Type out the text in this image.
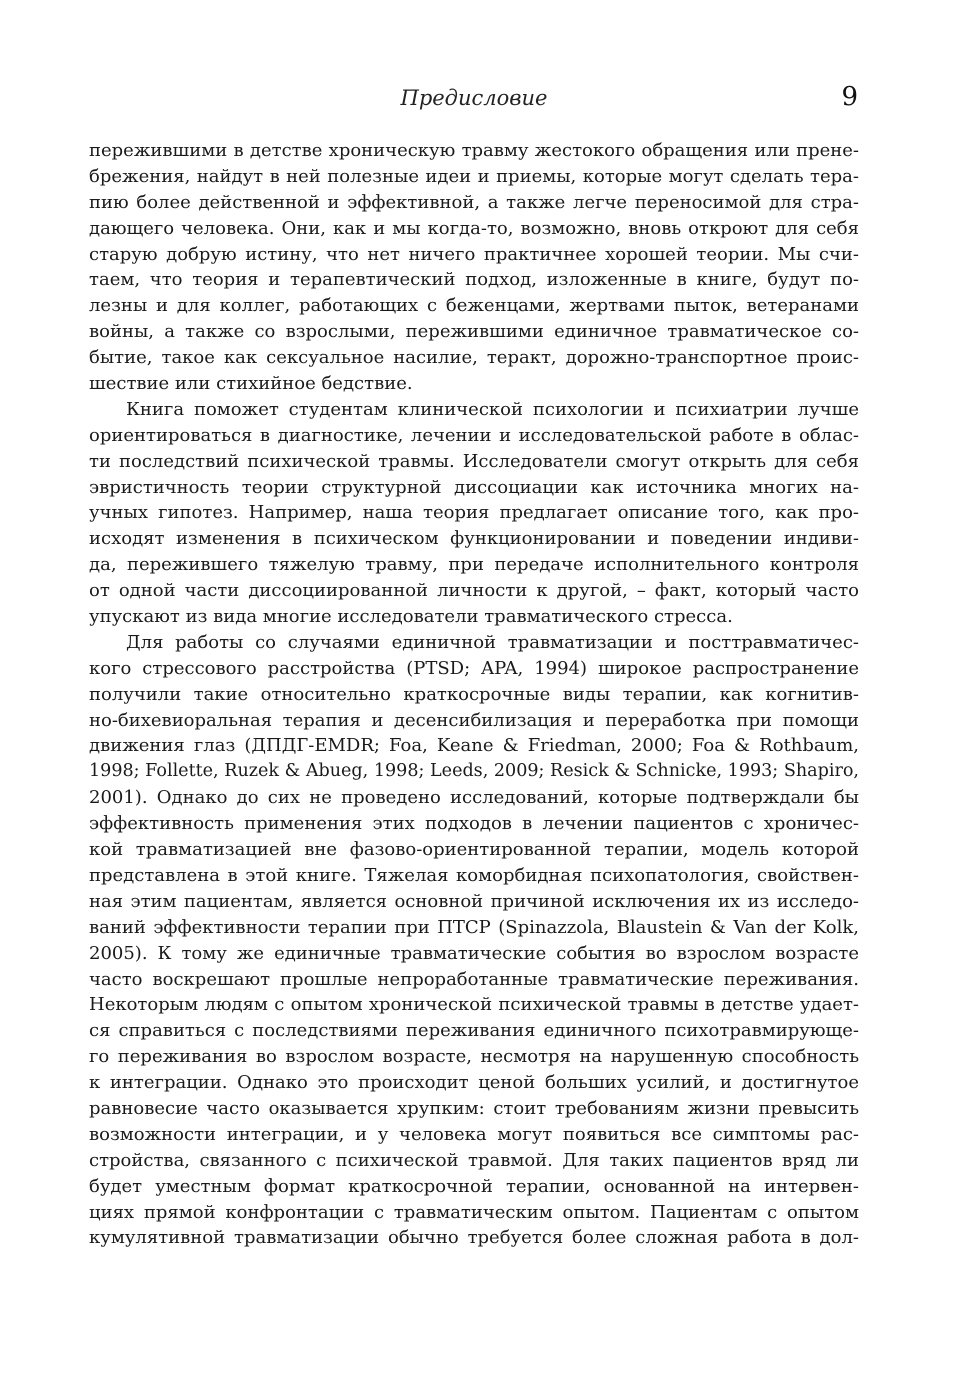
Предисловие	9
пережившими в детстве хроническую травму жестокого обращения или прене-
брежения, найдут в ней полезные идеи и приемы, которые могут сделать тера-
пию более действенной и эффективной, а также легче переносимой для стра-
дающего человека. Они, как и мы когда-то, возможно, вновь откроют для себя
старую добрую истину, что нет ничего практичнее хорошей теории. Мы счи-
таем, что теория и терапевтический подход, изложенные в книге, будут по-
лезны и для коллег, работающих с беженцами, жертвами пыток, ветеранами
войны, а также со взрослыми, пережившими единичное травматическое со-
бытие, такое как сексуальное насилие, теракт, дорожно-транспортное проис-
шествие или стихийное бедствие.
Книга поможет студентам клинической психологии и психиатрии лучше
ориентироваться в диагностике, лечении и исследовательской работе в облас-
ти последствий психической травмы. Исследователи смогут открыть для себя
эвристичность теории структурной диссоциации как источника многих на-
учных гипотез. Например, наша теория предлагает описание того, как про-
исходят изменения в психическом функционировании и поведении индиви-
да, пережившего тяжелую травму, при передаче исполнительного контроля
от одной части диссоциированной личности к другой, – факт, который часто
упускают из вида многие исследователи травматического стресса.
Для работы со случаями единичной травматизации и посттравматичес-
кого стрессового расстройства (PTSD; APA, 1994) широкое распространение
получили такие относительно краткосрочные виды терапии, как когнитив-
но-бихевиоральная терапия и десенсибилизация и переработка при помощи
движения глаз (ДПДГ-EMDR; Foa, Keane & Friedman, 2000; Foa & Rothbaum,
1998; Follette, Ruzek & Abueg, 1998; Leeds, 2009; Resick & Schnicke, 1993; Shapiro,
2001). Однако до сих не проведено исследований, которые подтверждали бы
эффективность применения этих подходов в лечении пациентов с хроничес-
кой травматизацией вне фазово-ориентированной терапии, модель которой
представлена в этой книге. Тяжелая коморбидная психопатология, свойствен-
ная этим пациентам, является основной причиной исключения их из исследо-
ваний эффективности терапии при ПТСР (Spinazzola, Blaustein & Van der Kolk,
2005). К тому же единичные травматические события во взрослом возрасте
часто воскрешают прошлые непроработанные травматические переживания.
Некоторым людям с опытом хронической психической травмы в детстве удает-
ся справиться с последствиями переживания единичного психотравмирующе-
го переживания во взрослом возрасте, несмотря на нарушенную способность
к интеграции. Однако это происходит ценой больших усилий, и достигнутое
равновесие часто оказывается хрупким: стоит требованиям жизни превысить
возможности интеграции, и у человека могут появиться все симптомы рас-
стройства, связанного с психической травмой. Для таких пациентов вряд ли
будет уместным формат краткосрочной терапии, основанной на интервен-
циях прямой конфронтации с травматическим опытом. Пациентам с опытом
кумулятивной травматизации обычно требуется более сложная работа в дол-
